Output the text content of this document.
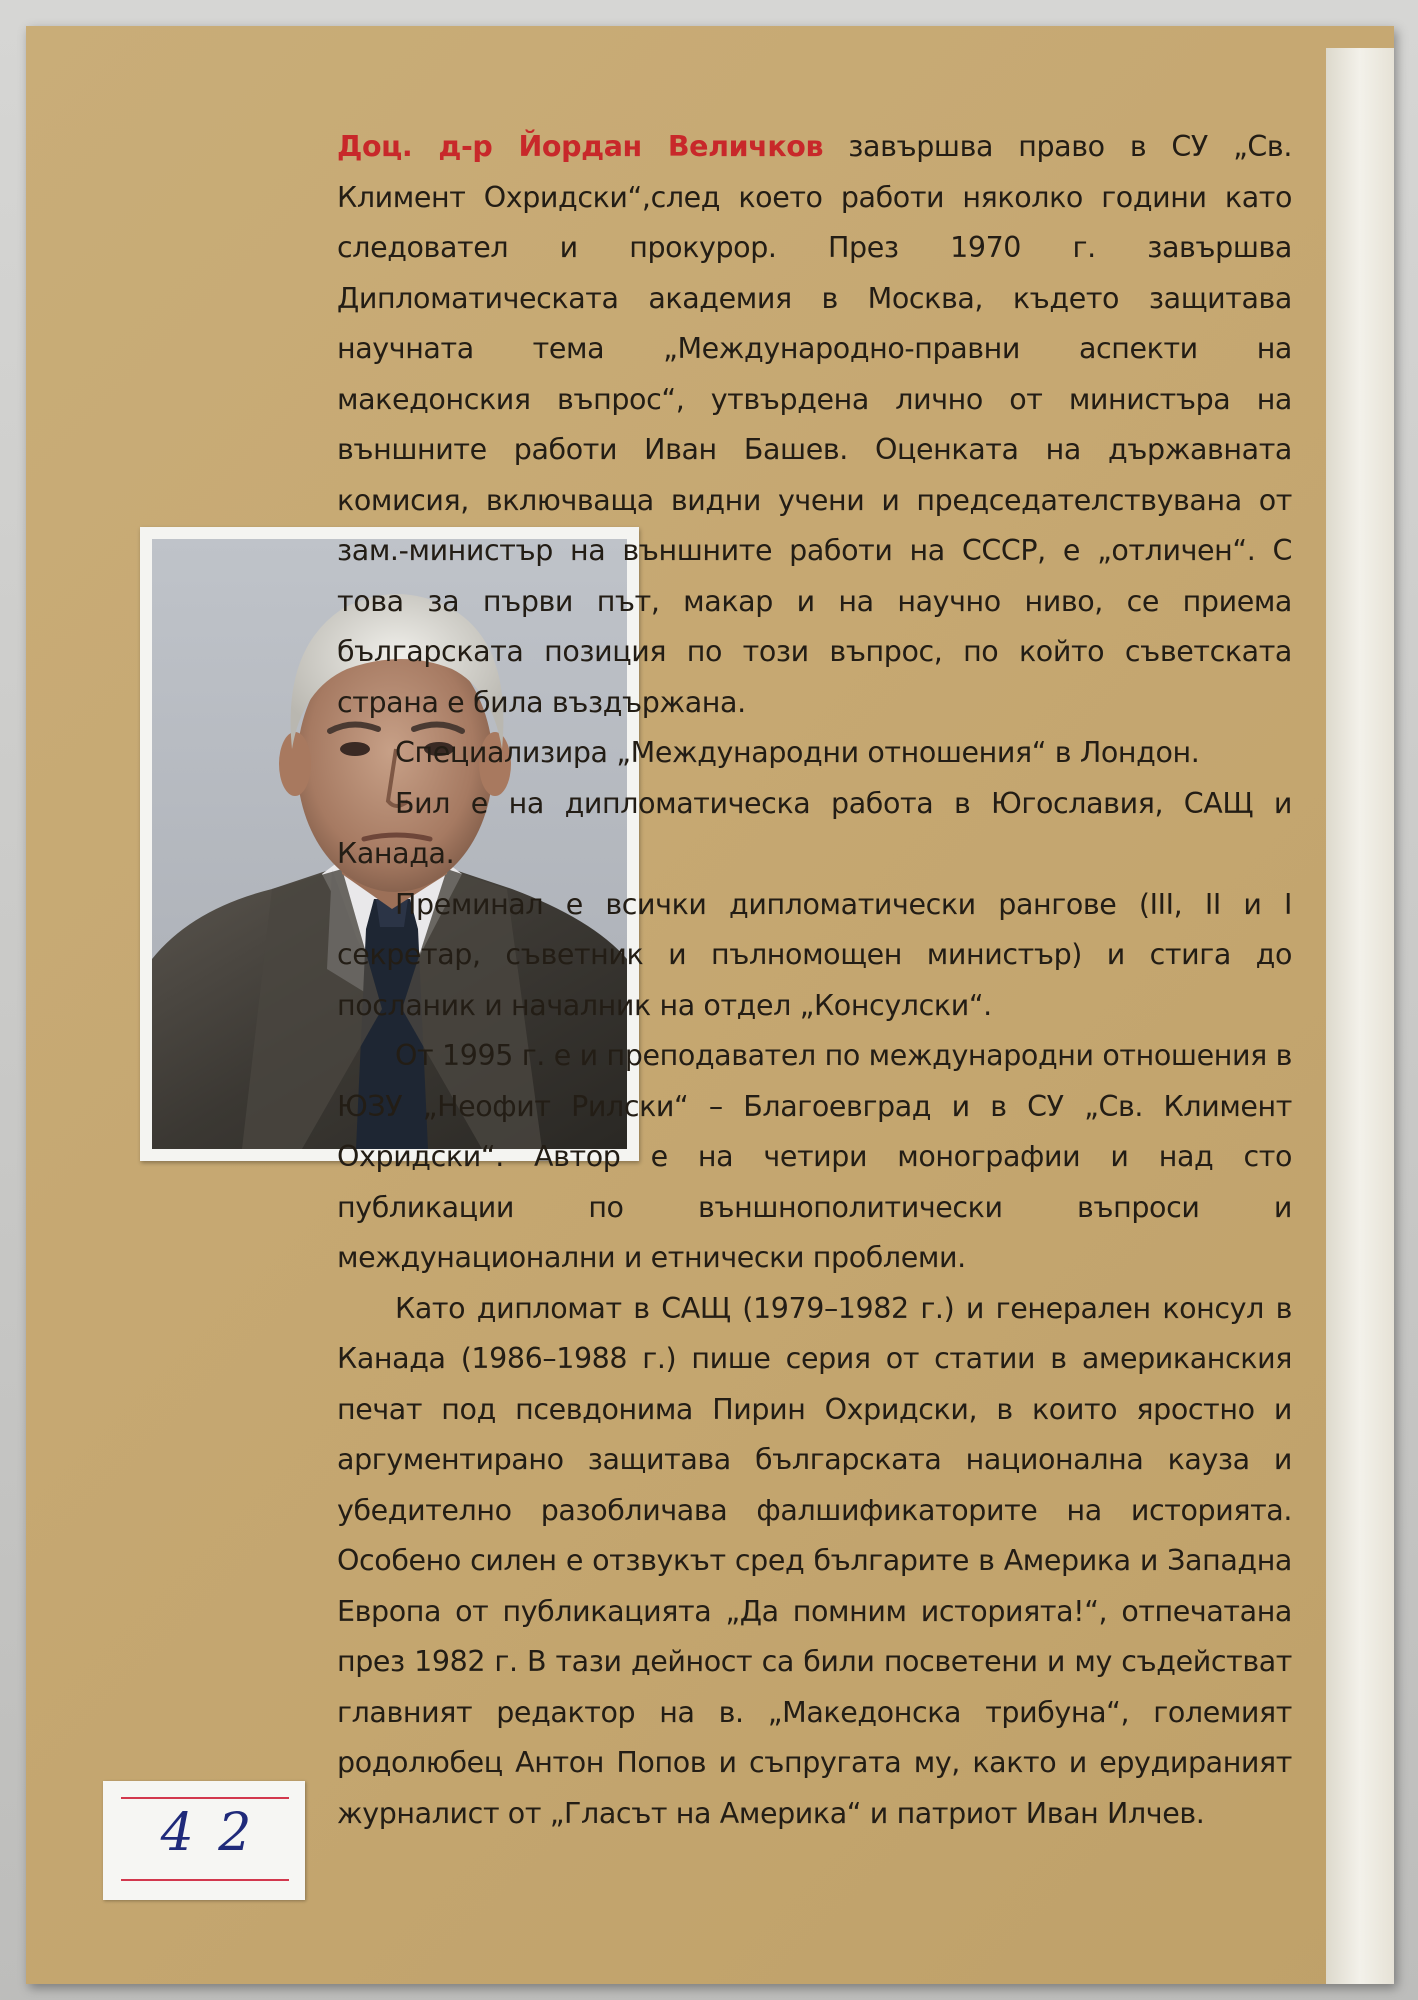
Доц. д-р Йордан Величков завършва право в СУ „Св. Климент Охридски“,след което работи няколко години като следовател и прокурор. През 1970 г. завършва Дипломатическата академия в Москва, където защитава научната тема „Международно-правни аспекти на македонския въпрос“, утвърдена лично от министъра на външните работи Иван Башев. Оценката на държавната комисия, включваща видни учени и председателствувана от зам.-министър на външните работи на СССР, е „отличен“. С това за първи път, макар и на научно ниво, се приема българската позиция по този въпрос, по който съветската страна е била въздържана.

Специализира „Международни отношения“ в Лондон.

Бил е на дипломатическа работа в Югославия, САЩ и Канада.

Преминал е всички дипломатически рангове (III, II и I секретар, съветник и пълномощен министър) и стига до посланик и началник на отдел „Консулски“.

От 1995 г. е и преподавател по международни отношения в ЮЗУ „Неофит Рилски“ – Благоевград и в СУ „Св. Климент Охридски“. Автор е на четири монографии и над сто публикации по външнополитически въпроси и междунационални и етнически проблеми.

Като дипломат в САЩ (1979–1982 г.) и генерален консул в Канада (1986–1988 г.) пише серия от статии в американския печат под псевдонима Пирин Охридски, в които яростно и аргументирано защитава българската национална кауза и убедително разобличава фалшификаторите на историята. Особено силен е отзвукът сред българите в Америка и Западна Европа от публикацията „Да помним историята!“, отпечатана през 1982 г. В тази дейност са били посветени и му съдействат главният редактор на в. „Македонска трибуна“, големият родолюбец Антон Попов и съпругата му, както и ерудираният журналист от „Гласът на Америка“ и патриот Иван Илчев.

4 2
